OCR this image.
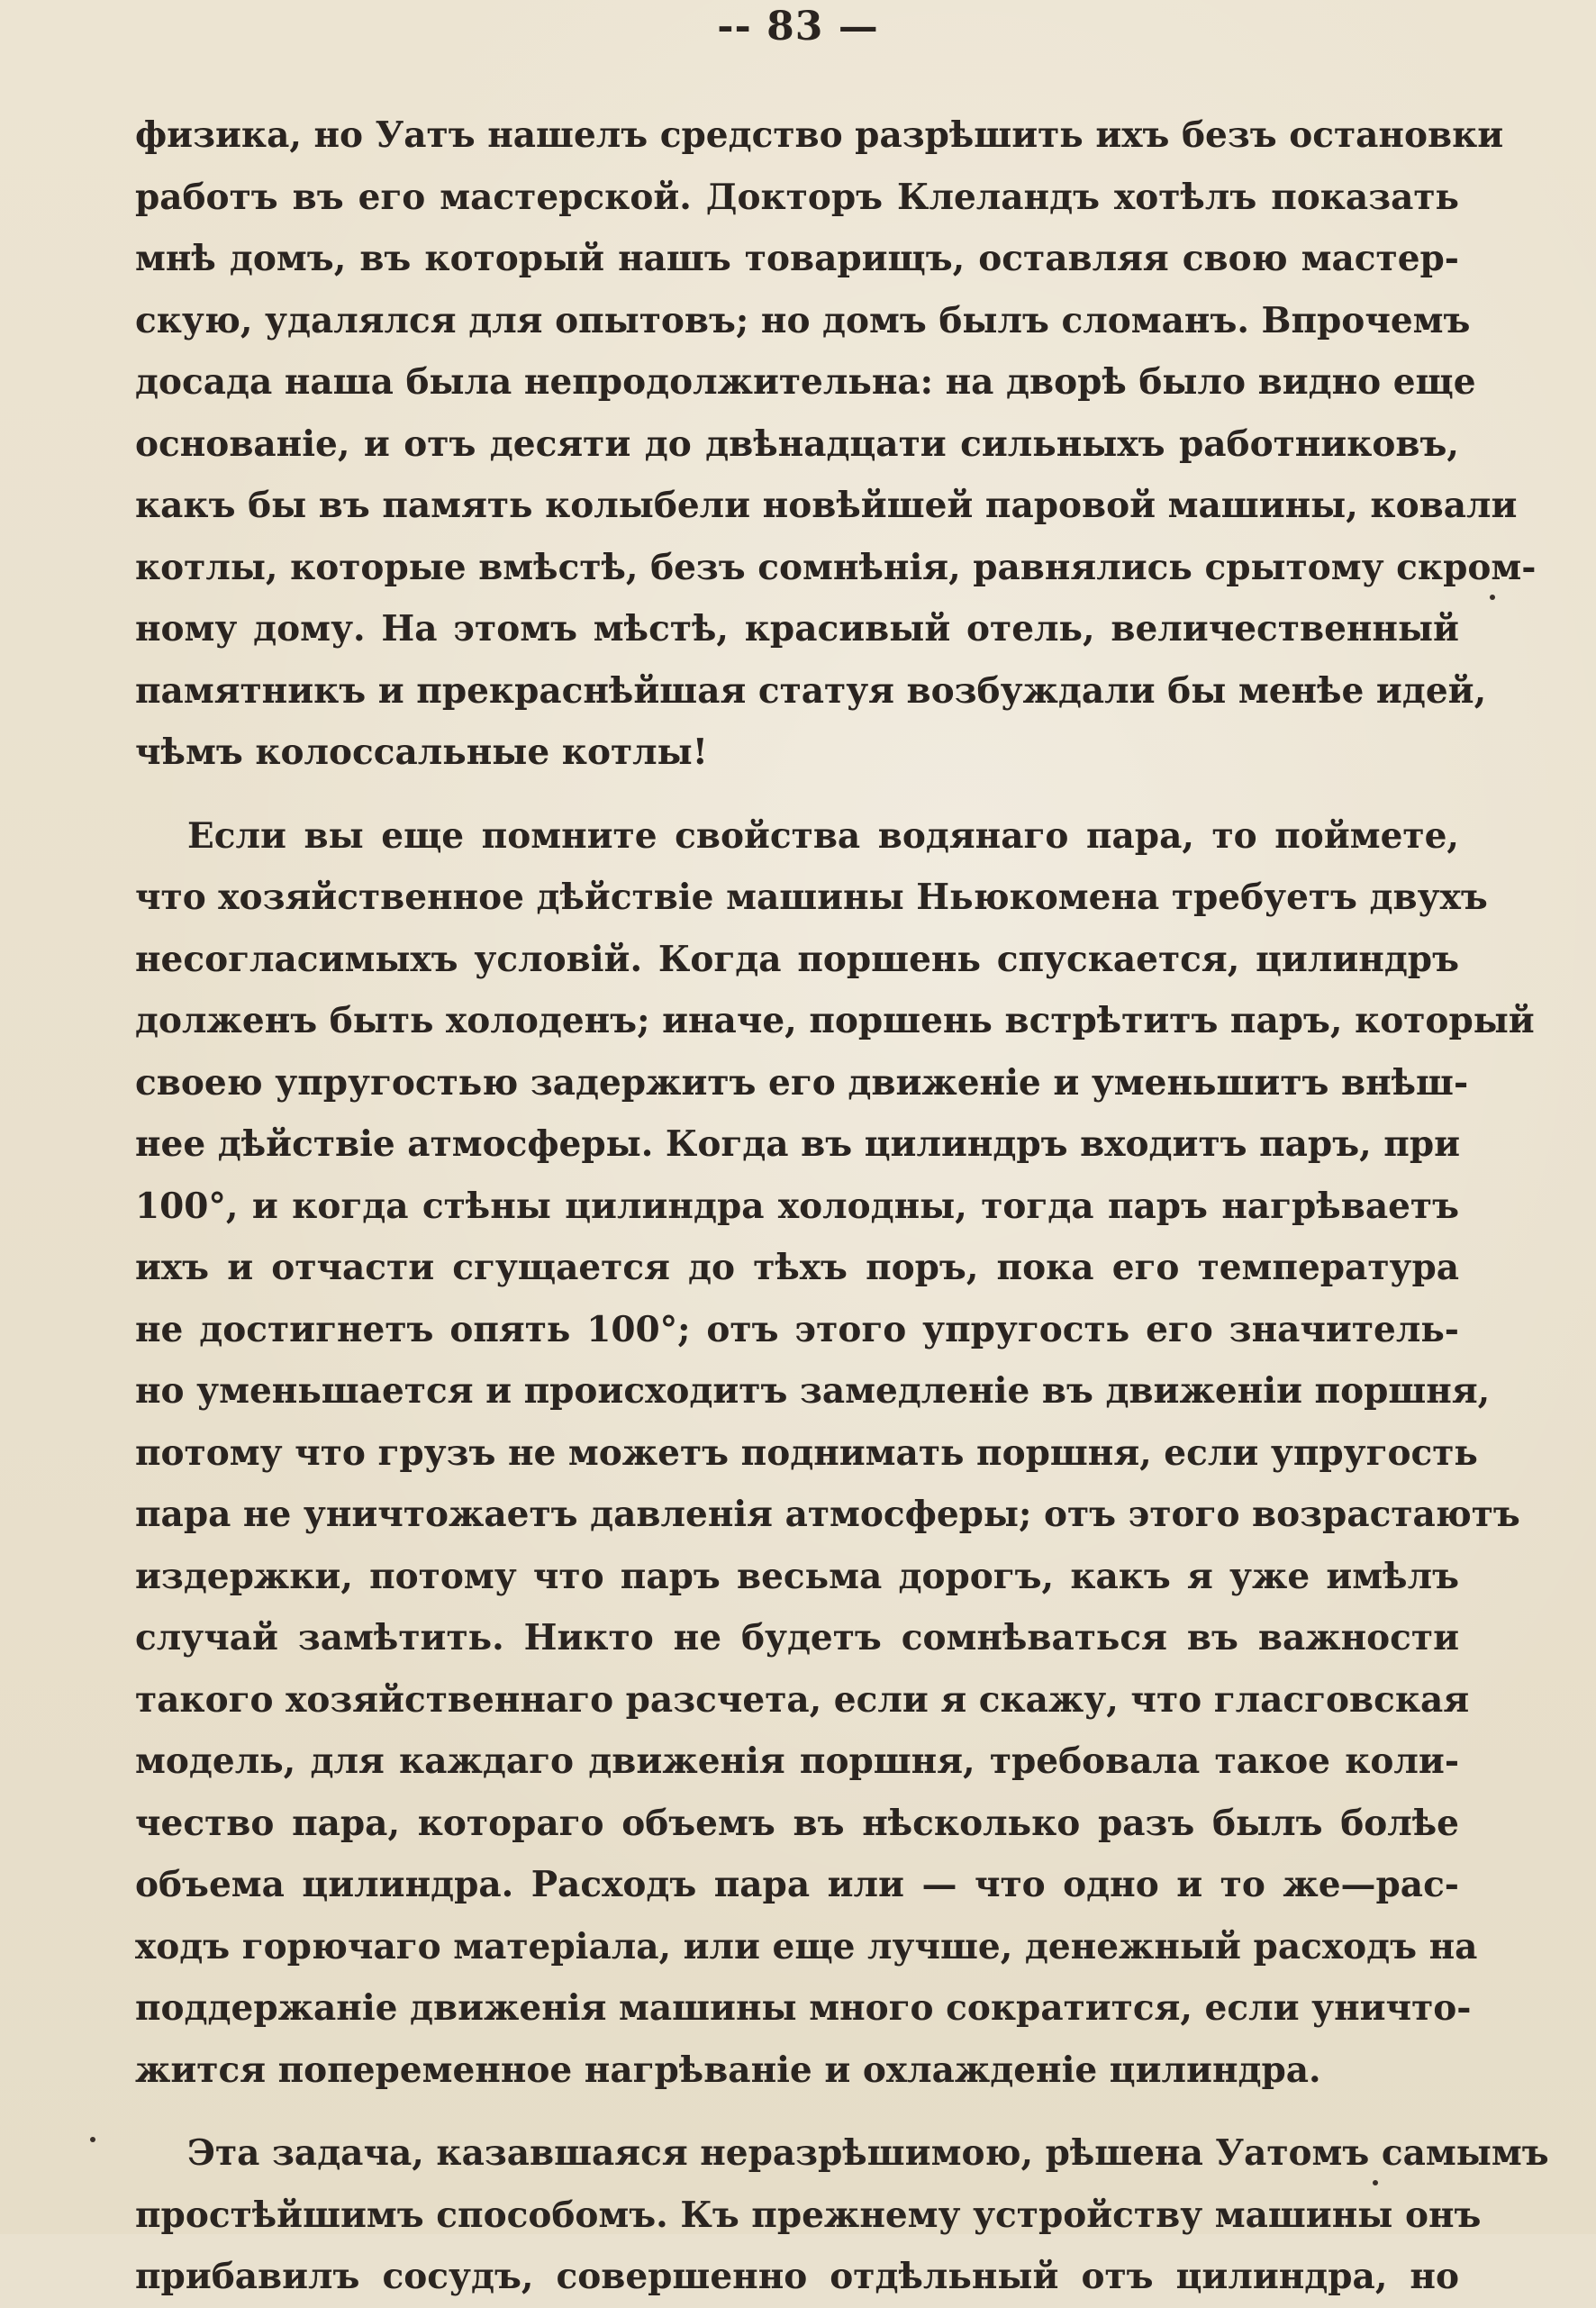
-- 83 —

физика, но Уатъ нашелъ средство разрѣшить ихъ безъ остановки
работъ въ его мастерской. Докторъ Клеландъ хотѣлъ показать
мнѣ домъ, въ который нашъ товарищъ, оставляя свою мастер-
скую, удалялся для опытовъ; но домъ былъ сломанъ. Впрочемъ
досада наша была непродолжительна: на дворѣ было видно еще
основаніе, и отъ десяти до двѣнадцати сильныхъ работниковъ,
какъ бы въ память колыбели новѣйшей паровой машины, ковали
котлы, которые вмѣстѣ, безъ сомнѣнія, равнялись срытому скром-
ному дому. На этомъ мѣстѣ, красивый отель, величественный
памятникъ и прекраснѣйшая статуя возбуждали бы менѣе идей,
чѣмъ колоссальные котлы!

Если вы еще помните свойства водянаго пара, то поймете,
что хозяйственное дѣйствіе машины Ньюкомена требуетъ двухъ
несогласимыхъ условій. Когда поршень спускается, цилиндръ
долженъ быть холоденъ; иначе, поршень встрѣтитъ паръ, который
своею упругостью задержитъ его движеніе и уменьшитъ внѣш-
нее дѣйствіе атмосферы. Когда въ цилиндръ входитъ паръ, при
100°, и когда стѣны цилиндра холодны, тогда паръ нагрѣваетъ
ихъ и отчасти сгущается до тѣхъ поръ, пока его температура
не достигнетъ опять 100°; отъ этого упругость его значитель-
но уменьшается и происходитъ замедленіе въ движеніи поршня,
потому что грузъ не можетъ поднимать поршня, если упругость
пара не уничтожаетъ давленія атмосферы; отъ этого возрастаютъ
издержки, потому что паръ весьма дорогъ, какъ я уже имѣлъ
случай замѣтить. Никто не будетъ сомнѣваться въ важности
такого хозяйственнаго разсчета, если я скажу, что гласговская
модель, для каждаго движенія поршня, требовала такое коли-
чество пара, котораго объемъ въ нѣсколько разъ былъ болѣе
объема цилиндра. Расходъ пара или — что одно и то же—рас-
ходъ горючаго матеріала, или еще лучше, денежный расходъ на
поддержаніе движенія машины много сократится, если уничто-
жится попеременное нагрѣваніе и охлажденіе цилиндра.

Эта задача, казавшаяся неразрѣшимою, рѣшена Уатомъ самымъ
простѣйшимъ способомъ. Къ прежнему устройству машины онъ
прибавилъ сосудъ, совершенно отдѣльный отъ цилиндра, но
